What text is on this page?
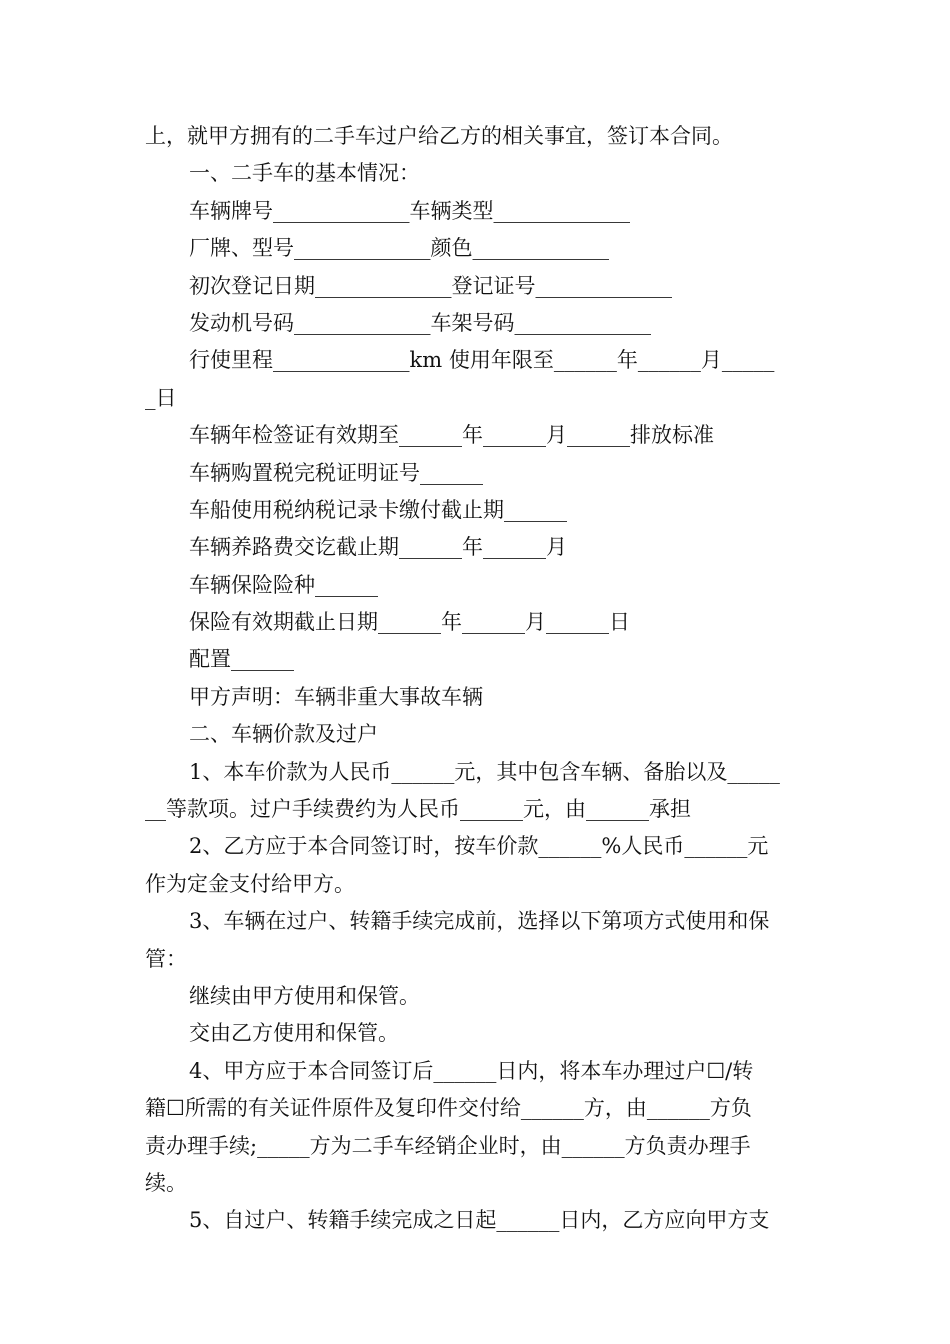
上，就甲方拥有的二手车过户给乙方的相关事宜，签订本合同。
一、二手车的基本情况：
车辆牌号_____________车辆类型_____________
厂牌、型号_____________颜色_____________
初次登记日期_____________登记证号_____________
发动机号码_____________车架号码_____________
行使里程_____________km 使用年限至______年______月_____
_日
车辆年检签证有效期至______年______月______排放标准
车辆购置税完税证明证号______
车船使用税纳税记录卡缴付截止期______
车辆养路费交讫截止期______年______月
车辆保险险种______
保险有效期截止日期______年______月______日
配置______
甲方声明：车辆非重大事故车辆
二、车辆价款及过户
1、本车价款为人民币______元，其中包含车辆、备胎以及_____
__等款项。过户手续费约为人民币______元，由______承担
2、乙方应于本合同签订时，按车价款______%人民币______元
作为定金支付给甲方。
3、车辆在过户、转籍手续完成前，选择以下第项方式使用和保
管：
继续由甲方使用和保管。
交由乙方使用和保管。
4、甲方应于本合同签订后______日内，将本车办理过户☐/转
籍☐所需的有关证件原件及复印件交付给______方，由______方负
责办理手续;_____方为二手车经销企业时，由______方负责办理手
续。
5、自过户、转籍手续完成之日起______日内，乙方应向甲方支
